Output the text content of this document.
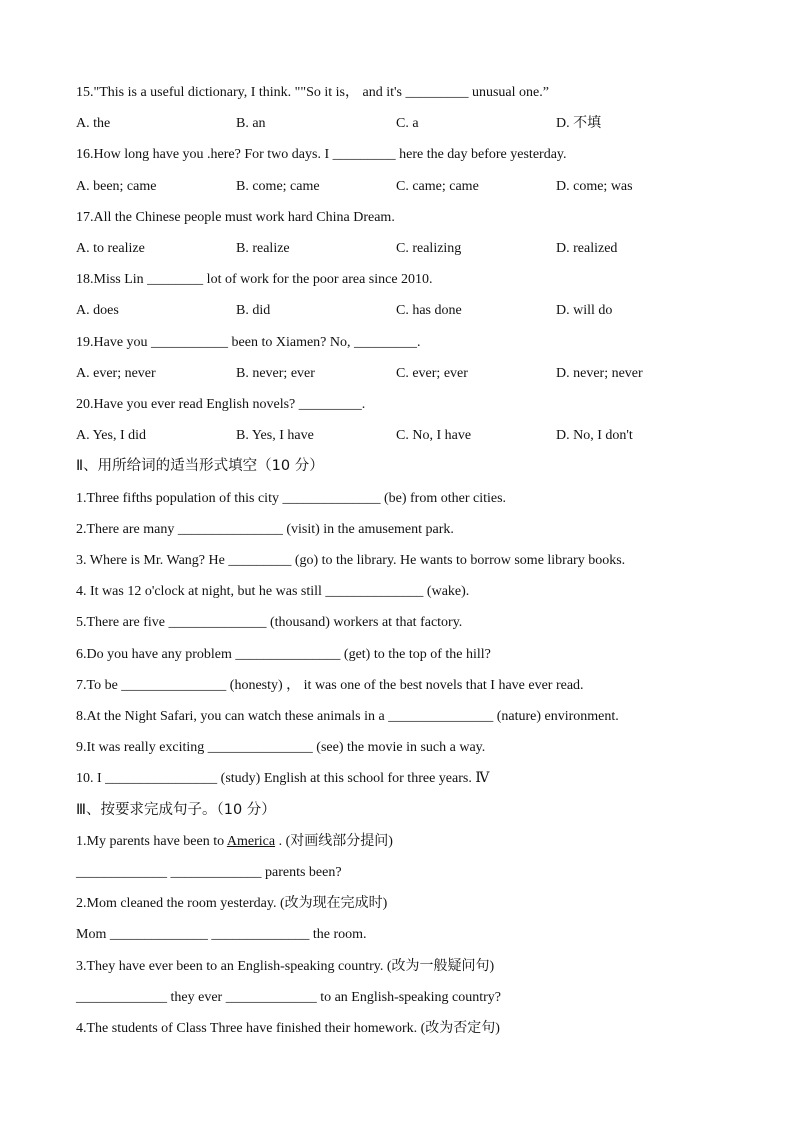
15."This is a useful dictionary, I think. ""So it is， and it's _________ unusual one.”
A. the	B. an	C. a	D. 不填
16.How long have you .here? For two days. I _________ here the day before yesterday.
A. been; came	B. come; came	C. came; came	D. come; was
17.All the Chinese people must work hard China Dream.
A. to realize	B. realize	C. realizing	D. realized
18.Miss Lin ________ lot of work for the poor area since 2010.
A. does	B. did	C. has done	D. will do
19.Have you ___________ been to Xiamen? No, _________.
A. ever; never	B. never; ever	C. ever; ever	D. never; never
20.Have you ever read English novels? _________.
A. Yes, I did	B. Yes, I have	C. No, I have	D. No, I don't
Ⅱ、用所给词的适当形式填空（10 分）
1.Three fifths population of this city ______________ (be) from other cities.
2.There are many _______________ (visit) in the amusement park.
3. Where is Mr. Wang? He _________ (go) to the library. He wants to borrow some library books.
4. It was 12 o'clock at night, but he was still ______________ (wake).
5.There are five ______________ (thousand) workers at that factory.
6.Do you have any problem _______________ (get) to the top of the hill?
7.To be _______________ (honesty) ， it was one of the best novels that I have ever read.
8.At the Night Safari, you can watch these animals in a _______________ (nature) environment.
9.It was really exciting _______________ (see) the movie in such a way.
10. I ________________ (study) English at this school for three years. Ⅳ
Ⅲ、按要求完成句子。（10 分）
1.My parents have been to America . (对画线部分提问)
_____________ _____________ parents been?
2.Mom cleaned the room yesterday. (改为现在完成时)
Mom ______________ ______________ the room.
3.They have ever been to an English-speaking country. (改为一般疑问句)
_____________ they ever _____________ to an English-speaking country?
4.The students of Class Three have finished their homework. (改为否定句)
